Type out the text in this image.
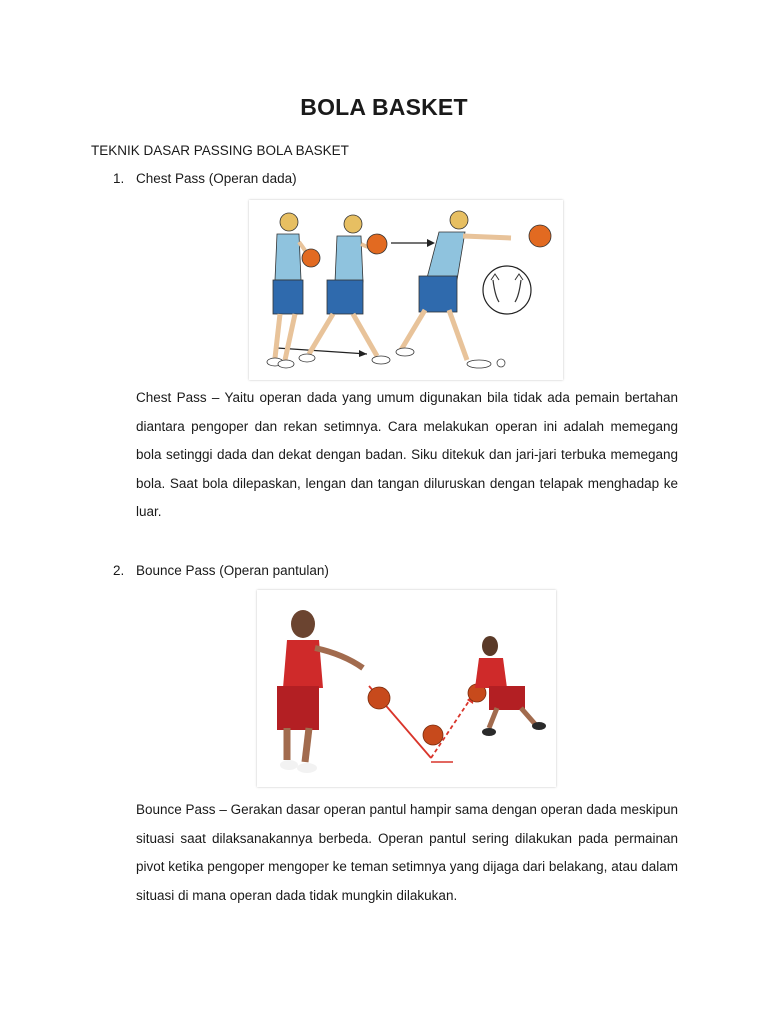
BOLA BASKET
TEKNIK DASAR PASSING BOLA BASKET
1. Chest Pass (Operan dada)

Chest Pass – Yaitu operan dada yang umum digunakan bila tidak ada pemain bertahan diantara pengoper dan rekan setimnya. Cara melakukan operan ini adalah memegang bola setinggi dada dan dekat dengan badan. Siku ditekuk dan jari-jari terbuka memegang bola. Saat bola dilepaskan, lengan dan tangan diluruskan dengan telapak menghadap ke luar.

2. Bounce Pass (Operan pantulan)

Bounce Pass – Gerakan dasar operan pantul hampir sama dengan operan dada meskipun situasi saat dilaksanakannya berbeda. Operan pantul sering dilakukan pada permainan pivot ketika pengoper mengoper ke teman setimnya yang dijaga dari belakang, atau dalam situasi di mana operan dada tidak mungkin dilakukan.
